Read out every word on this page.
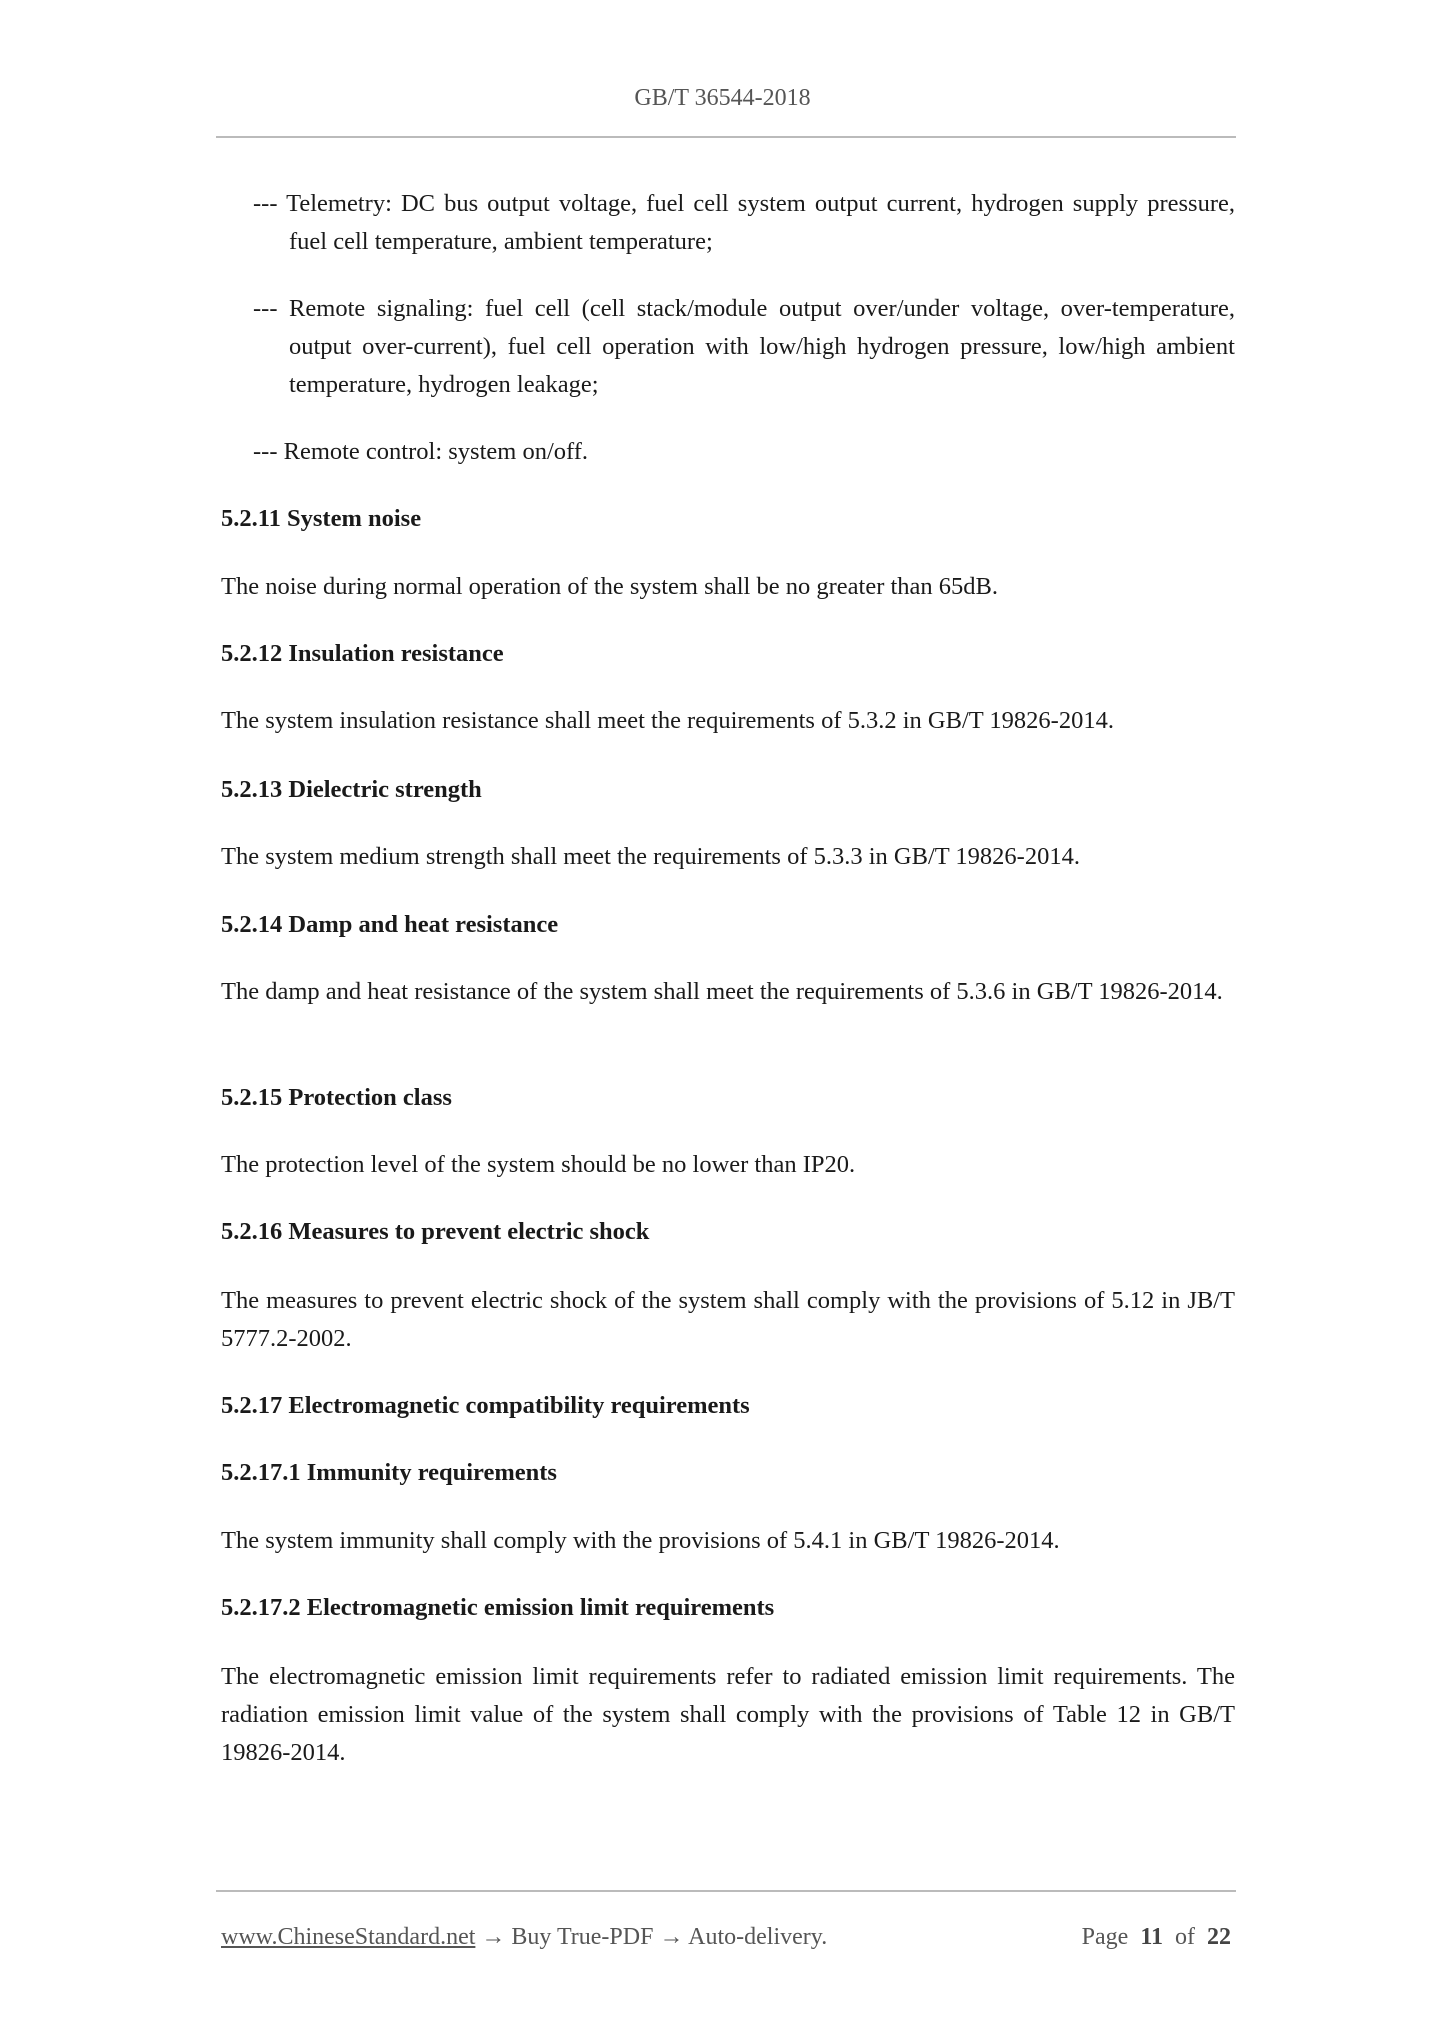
GB/T 36544-2018
--- Telemetry: DC bus output voltage, fuel cell system output current, hydrogen supply pressure, fuel cell temperature, ambient temperature;
--- Remote signaling: fuel cell (cell stack/module output over/under voltage, over-temperature, output over-current), fuel cell operation with low/high hydrogen pressure, low/high ambient temperature, hydrogen leakage;
--- Remote control: system on/off.
5.2.11 System noise
The noise during normal operation of the system shall be no greater than 65dB.
5.2.12 Insulation resistance
The system insulation resistance shall meet the requirements of 5.3.2 in GB/T 19826-2014.
5.2.13 Dielectric strength
The system medium strength shall meet the requirements of 5.3.3 in GB/T 19826-2014.
5.2.14 Damp and heat resistance
The damp and heat resistance of the system shall meet the requirements of 5.3.6 in GB/T 19826-2014.
5.2.15 Protection class
The protection level of the system should be no lower than IP20.
5.2.16 Measures to prevent electric shock
The measures to prevent electric shock of the system shall comply with the provisions of 5.12 in JB/T 5777.2-2002.
5.2.17 Electromagnetic compatibility requirements
5.2.17.1 Immunity requirements
The system immunity shall comply with the provisions of 5.4.1 in GB/T 19826-2014.
5.2.17.2 Electromagnetic emission limit requirements
The electromagnetic emission limit requirements refer to radiated emission limit requirements. The radiation emission limit value of the system shall comply with the provisions of Table 12 in GB/T 19826-2014.
www.ChineseStandard.net → Buy True-PDF → Auto-delivery.	Page 11 of 22
